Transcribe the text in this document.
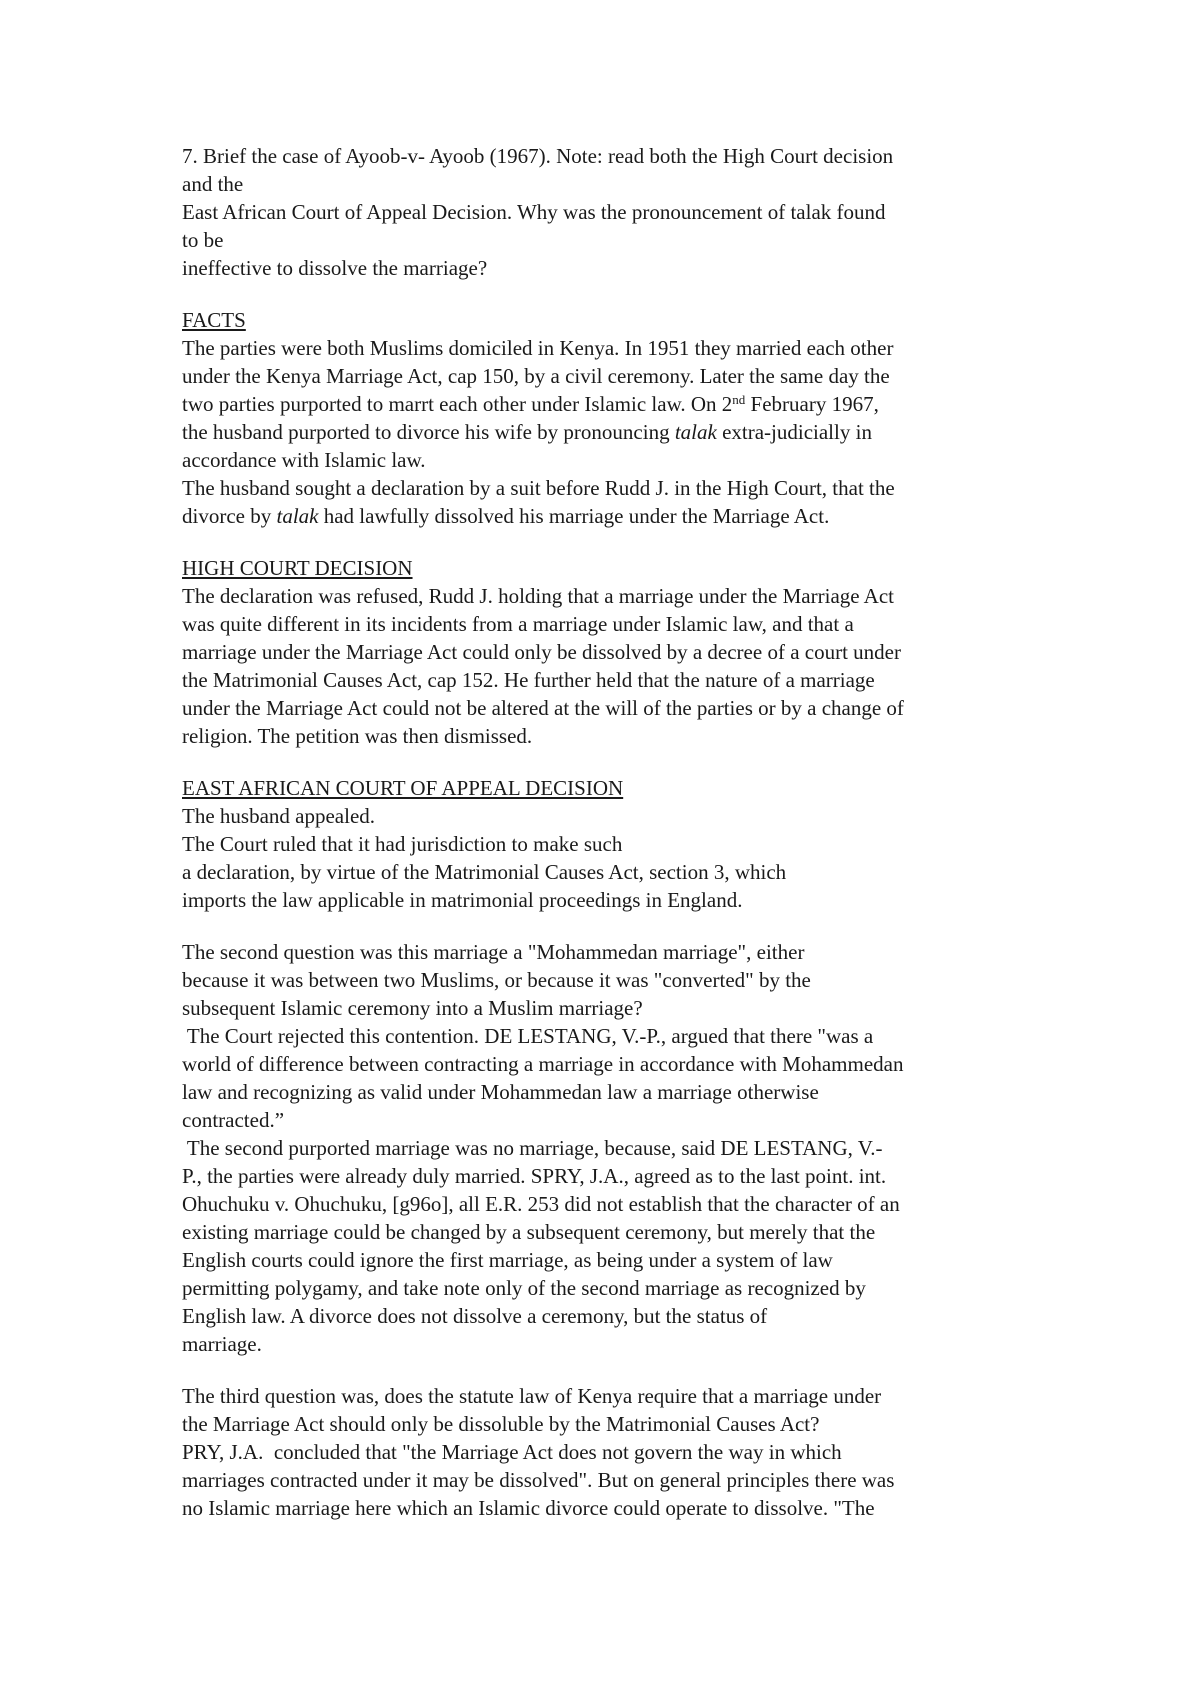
7. Brief the case of Ayoob-v- Ayoob (1967). Note: read both the High Court decision
and the
East African Court of Appeal Decision. Why was the pronouncement of talak found
to be
ineffective to dissolve the marriage?
FACTS
The parties were both Muslims domiciled in Kenya. In 1951 they married each other
under the Kenya Marriage Act, cap 150, by a civil ceremony. Later the same day the
two parties purported to marrt each other under Islamic law. On 2nd February 1967,
the husband purported to divorce his wife by pronouncing talak extra-judicially in
accordance with Islamic law.
The husband sought a declaration by a suit before Rudd J. in the High Court, that the
divorce by talak had lawfully dissolved his marriage under the Marriage Act.
HIGH COURT DECISION
The declaration was refused, Rudd J. holding that a marriage under the Marriage Act
was quite different in its incidents from a marriage under Islamic law, and that a
marriage under the Marriage Act could only be dissolved by a decree of a court under
the Matrimonial Causes Act, cap 152. He further held that the nature of a marriage
under the Marriage Act could not be altered at the will of the parties or by a change of
religion. The petition was then dismissed.
EAST AFRICAN COURT OF APPEAL DECISION
The husband appealed.
The Court ruled that it had jurisdiction to make such
a declaration, by virtue of the Matrimonial Causes Act, section 3, which
imports the law applicable in matrimonial proceedings in England.
The second question was this marriage a "Mohammedan marriage", either
because it was between two Muslims, or because it was "converted" by the
subsequent Islamic ceremony into a Muslim marriage?
The Court rejected this contention. DE LESTANG, V.-P., argued that there "was a
world of difference between contracting a marriage in accordance with Mohammedan
law and recognizing as valid under Mohammedan law a marriage otherwise
contracted.”
The second purported marriage was no marriage, because, said DE LESTANG, V.-
P., the parties were already duly married. SPRY, J.A., agreed as to the last point. int.
Ohuchuku v. Ohuchuku, [g96o], all E.R. 253 did not establish that the character of an
existing marriage could be changed by a subsequent ceremony, but merely that the
English courts could ignore the first marriage, as being under a system of law
permitting polygamy, and take note only of the second marriage as recognized by
English law. A divorce does not dissolve a ceremony, but the status of
marriage.
The third question was, does the statute law of Kenya require that a marriage under
the Marriage Act should only be dissoluble by the Matrimonial Causes Act?
PRY, J.A.  concluded that "the Marriage Act does not govern the way in which
marriages contracted under it may be dissolved". But on general principles there was
no Islamic marriage here which an Islamic divorce could operate to dissolve. "The
